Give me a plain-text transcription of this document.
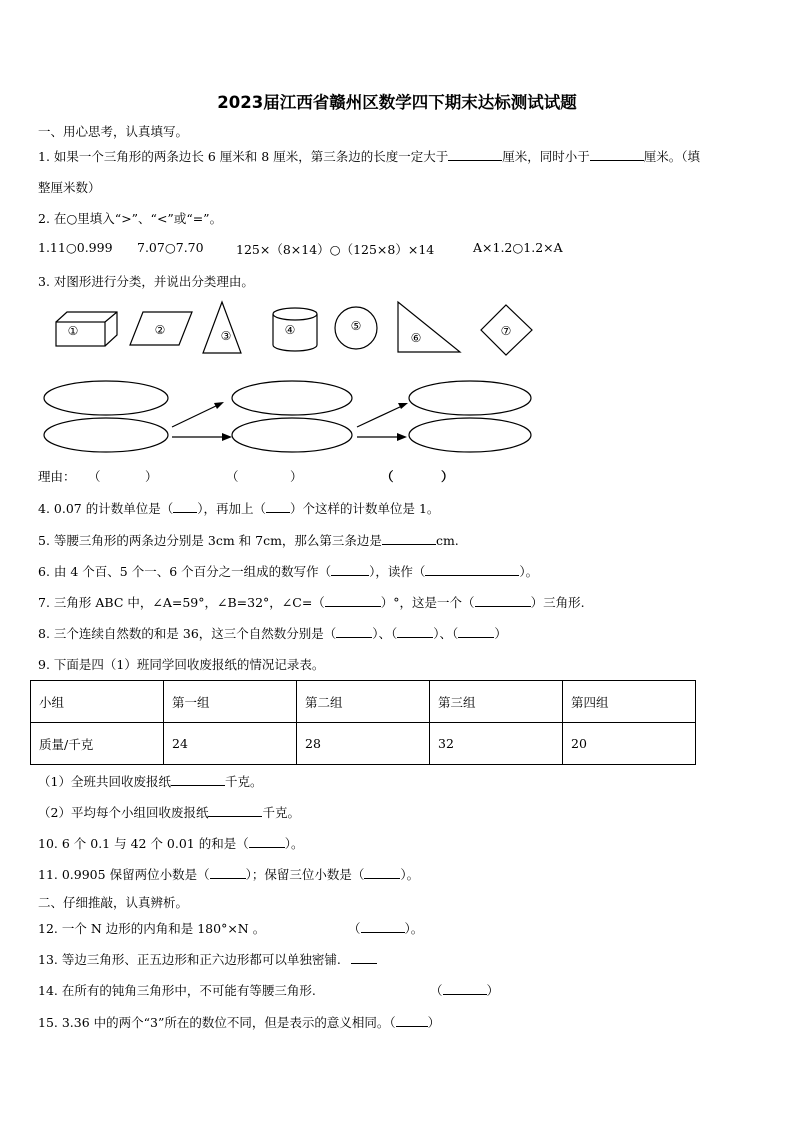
2023届江西省赣州区数学四下期末达标测试试题
一、用心思考，认真填写。
1. 如果一个三角形的两条边长 6 厘米和 8 厘米，第三条边的长度一定大于	厘米，同时小于	厘米。（填
整厘米数）
2. 在○里填入“>”、“<”或“=”。
1.11○0.999 7.07○7.70	125×（8×14）○（125×8）×14	A×1.2○1.2×A
3. 对图形进行分类，并说出分类理由。
①	②	③	④	⑤
⑥	⑦
理由： （	）	（	）	（	）
4. 0.07 的计数单位是（ ），再加上（ ）个这样的计数单位是 1。
5. 等腰三角形的两条边分别是 3cm 和 7cm，那么第三条边是	cm.
6. 由 4 个百、5 个一、6 个百分之一组成的数写作（	），读作（	）。
7. 三角形 ABC 中，∠A=59°，∠B=32°，∠C=（	）°，这是一个（	）三角形.
8. 三个连续自然数的和是 36，这三个自然数分别是（	）、（	）、（	）
9. 下面是四（1）班同学回收废报纸的情况记录表。
小组	第一组	第二组	第三组	第四组
质量/千克	24	28	32	20
（1）全班共回收废报纸	千克。
（2）平均每个小组回收废报纸	千克。
10. 6 个 0.1 与 42 个 0.01 的和是（	）。
11. 0.9905 保留两位小数是（	）；保留三位小数是（	）。
二、仔细推敲，认真辨析。
12. 一个 N 边形的内角和是 180°×N 。	（	）。
13. 等边三角形、正五边形和正六边形都可以单独密铺.
14. 在所有的钝角三角形中，不可能有等腰三角形.	（	）
15. 3.36 中的两个“3”所在的数位不同，但是表示的意义相同。（	）
